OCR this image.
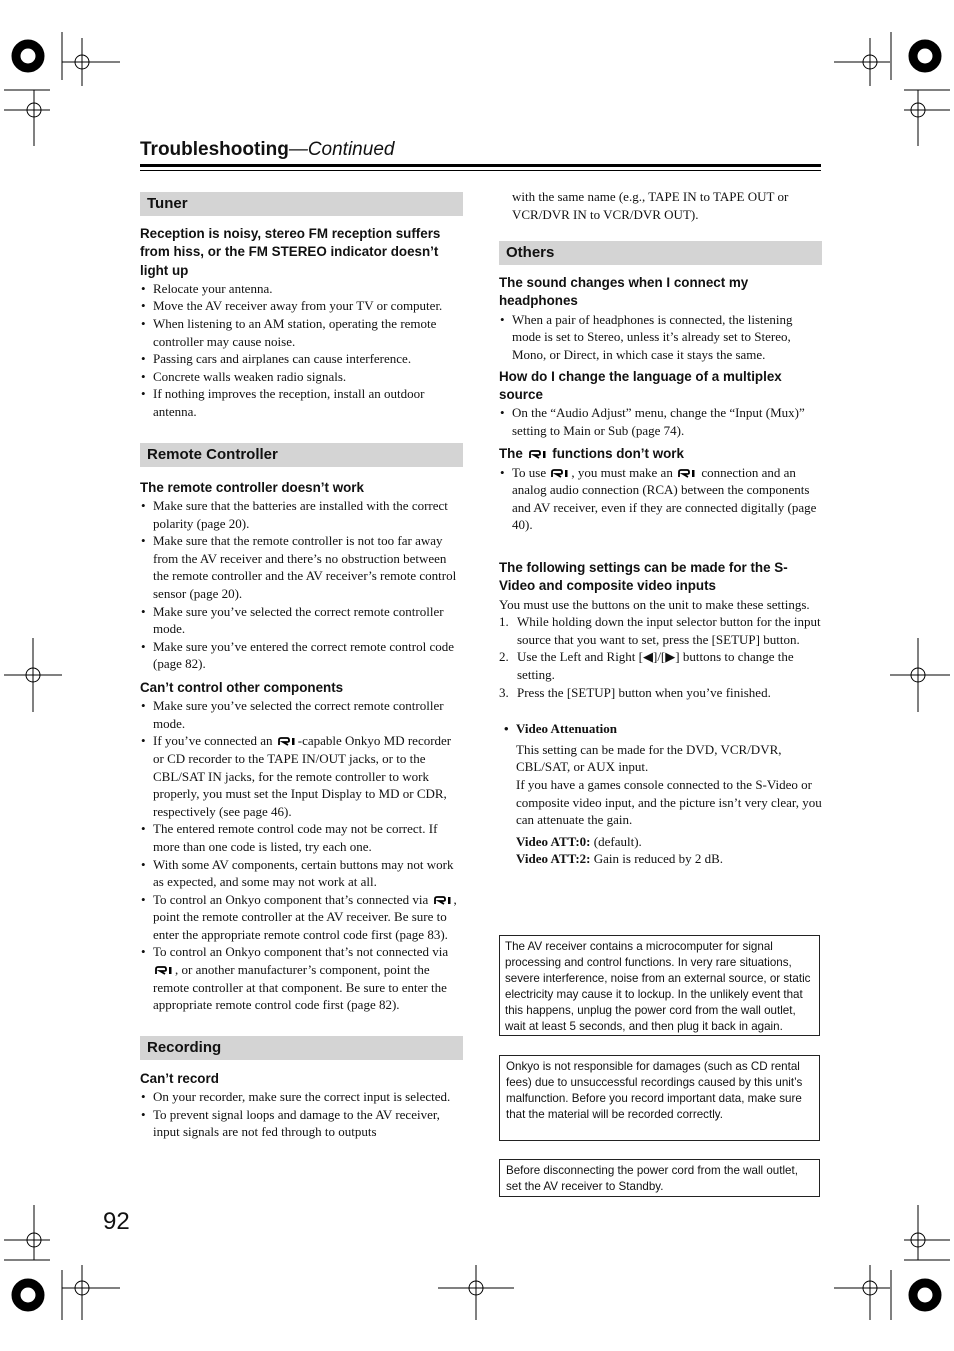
Troubleshooting—Continued
Tuner

Reception is noisy, stereo FM reception suffers from hiss, or the FM STEREO indicator doesn’t light up

• Relocate your antenna.
• Move the AV receiver away from your TV or computer.
• When listening to an AM station, operating the remote controller may cause noise.
• Passing cars and airplanes can cause interference.
• Concrete walls weaken radio signals.
• If nothing improves the reception, install an outdoor antenna.
Remote Controller

The remote controller doesn’t work

• Make sure that the batteries are installed with the correct polarity (page 20).
• Make sure that the remote controller is not too far away from the AV receiver and there’s no obstruction between the remote controller and the AV receiver’s remote control sensor (page 20).
• Make sure you’ve selected the correct remote controller mode.
• Make sure you’ve entered the correct remote control code (page 82).

Can’t control other components

• Make sure you’ve selected the correct remote controller mode.
• If you’ve connected an -capable Onkyo MD recorder or CD recorder to the TAPE IN/OUT jacks, or to the CBL/SAT IN jacks, for the remote controller to work properly, you must set the Input Display to MD or CDR, respectively (see page 46).
• The entered remote control code may not be correct. If more than one code is listed, try each one.
• With some AV components, certain buttons may not work as expected, and some may not work at all.
• To control an Onkyo component that’s connected via , point the remote controller at the AV receiver. Be sure to enter the appropriate remote control code first (page 83).
• To control an Onkyo component that’s not connected via , or another manufacturer’s component, point the remote controller at that component. Be sure to enter the appropriate remote control code first (page 82).
Recording

Can’t record

• On your recorder, make sure the correct input is selected.
• To prevent signal loops and damage to the AV receiver, input signals are not fed through to outputs
with the same name (e.g., TAPE IN to TAPE OUT or VCR/DVR IN to VCR/DVR OUT).
Others

The sound changes when I connect my headphones

• When a pair of headphones is connected, the listening mode is set to Stereo, unless it’s already set to Stereo, Mono, or Direct, in which case it stays the same.

How do I change the language of a multiplex source

• On the “Audio Adjust” menu, change the “Input (Mux)” setting to Main or Sub (page 74).

The functions don’t work

• To use , you must make an connection and an analog audio connection (RCA) between the components and AV receiver, even if they are connected digitally (page 40).

The following settings can be made for the S-Video and composite video inputs

You must use the buttons on the unit to make these settings.
1. While holding down the input selector button for the input source that you want to set, press the [SETUP] button.
2. Use the Left and Right [◀]/[▶] buttons to change the setting.
3. Press the [SETUP] button when you’ve finished.
• Video Attenuation
This setting can be made for the DVD, VCR/DVR, CBL/SAT, or AUX input.
If you have a games console connected to the S-Video or composite video input, and the picture isn’t very clear, you can attenuate the gain.
Video ATT:0: (default).
Video ATT:2: Gain is reduced by 2 dB.
The AV receiver contains a microcomputer for signal processing and control functions. In very rare situations, severe interference, noise from an external source, or static electricity may cause it to lockup. In the unlikely event that this happens, unplug the power cord from the wall outlet, wait at least 5 seconds, and then plug it back in again.
Onkyo is not responsible for damages (such as CD rental fees) due to unsuccessful recordings caused by this unit’s malfunction. Before you record important data, make sure that the material will be recorded correctly.
Before disconnecting the power cord from the wall outlet, set the AV receiver to Standby.
92
